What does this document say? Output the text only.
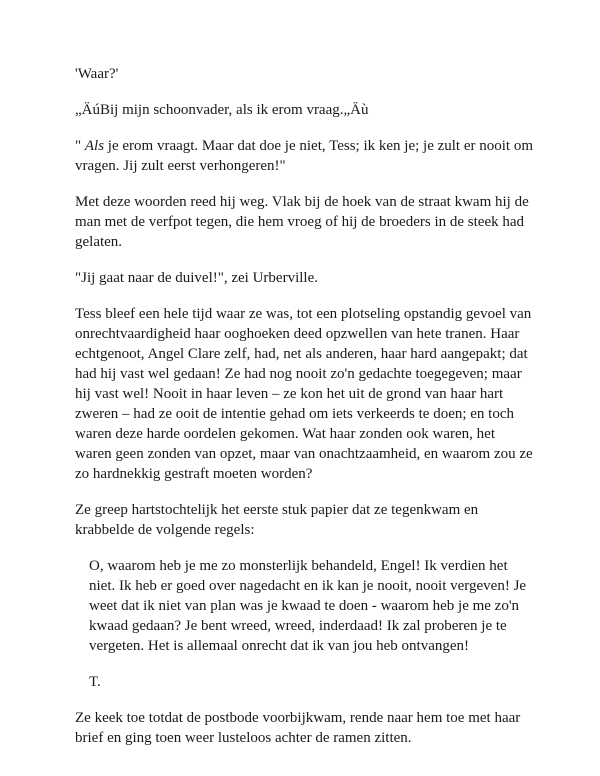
'Waar?'

„ÄúBij mijn schoonvader, als ik erom vraag.„Äù

" Als je erom vraagt. Maar dat doe je niet, Tess; ik ken je; je zult er nooit om vragen. Jij zult eerst verhongeren!"

Met deze woorden reed hij weg. Vlak bij de hoek van de straat kwam hij de man met de verfpot tegen, die hem vroeg of hij de broeders in de steek had gelaten.

"Jij gaat naar de duivel!", zei Urberville.

Tess bleef een hele tijd waar ze was, tot een plotseling opstandig gevoel van onrechtvaardigheid haar ooghoeken deed opzwellen van hete tranen. Haar echtgenoot, Angel Clare zelf, had, net als anderen, haar hard aangepakt; dat had hij vast wel gedaan! Ze had nog nooit zo'n gedachte toegegeven; maar hij vast wel! Nooit in haar leven – ze kon het uit de grond van haar hart zweren – had ze ooit de intentie gehad om iets verkeerds te doen; en toch waren deze harde oordelen gekomen. Wat haar zonden ook waren, het waren geen zonden van opzet, maar van onachtzaamheid, en waarom zou ze zo hardnekkig gestraft moeten worden?

Ze greep hartstochtelijk het eerste stuk papier dat ze tegenkwam en krabbelde de volgende regels:

O, waarom heb je me zo monsterlijk behandeld, Engel! Ik verdien het niet. Ik heb er goed over nagedacht en ik kan je nooit, nooit vergeven! Je weet dat ik niet van plan was je kwaad te doen - waarom heb je me zo'n kwaad gedaan? Je bent wreed, wreed, inderdaad! Ik zal proberen je te vergeten. Het is allemaal onrecht dat ik van jou heb ontvangen!

T.

Ze keek toe totdat de postbode voorbijkwam, rende naar hem toe met haar brief en ging toen weer lusteloos achter de ramen zitten.
